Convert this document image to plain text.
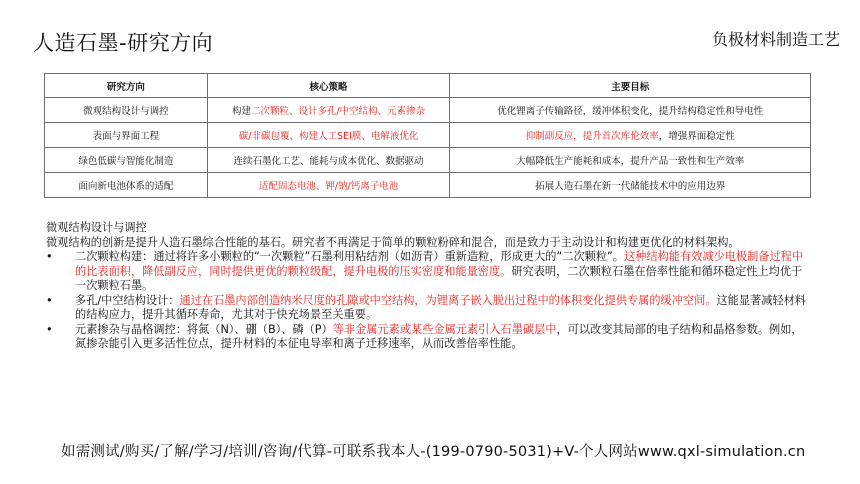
人造石墨-研究方向	负极材料制造工艺
研究方向	核心策略	主要目标
微观结构设计与调控	构建二次颗粒、设计多孔/中空结构、元素掺杂	优化锂离子传输路径，缓冲体积变化，提升结构稳定性和导电性
表面与界面工程	碳/非碳包覆、构建人工SEI膜、电解液优化	抑制副反应，提升首次库伦效率，增强界面稳定性
绿色低碳与智能化制造	连续石墨化工艺、能耗与成本优化、数据驱动	大幅降低生产能耗和成本，提升产品一致性和生产效率
面向新电池体系的适配	适配固态电池、钾/钠/钙离子电池	拓展人造石墨在新一代储能技术中的应用边界

微观结构设计与调控

微观结构的创新是提升人造石墨综合性能的基石。研究者不再满足于简单的颗粒粉碎和混合，而是致力于主动设计和构建更优化的材料架构。

• 二次颗粒构建：通过将许多小颗粒的“一次颗粒”石墨利用粘结剂（如沥青）重新造粒，形成更大的“二次颗粒”。这种结构能有效减少电极制备过程中的比表面积，降低副反应，同时提供更优的颗粒级配，提升电极的压实密度和能量密度。研究表明，二次颗粒石墨在倍率性能和循环稳定性上均优于一次颗粒石墨。
• 多孔/中空结构设计：通过在石墨内部创造纳米尺度的孔隙或中空结构，为锂离子嵌入脱出过程中的体积变化提供专属的缓冲空间。这能显著减轻材料的结构应力，提升其循环寿命，尤其对于快充场景至关重要。
• 元素掺杂与晶格调控：将氮（N）、硼（B）、磷（P）等非金属元素或某些金属元素引入石墨碳层中，可以改变其局部的电子结构和晶格参数。例如，氮掺杂能引入更多活性位点，提升材料的本征电导率和离子迁移速率，从而改善倍率性能。
如需测试/购买/了解/学习/培训/咨询/代算-可联系我本人-(199-0790-5031)+V-个人网站www.qxl-simulation.cn
